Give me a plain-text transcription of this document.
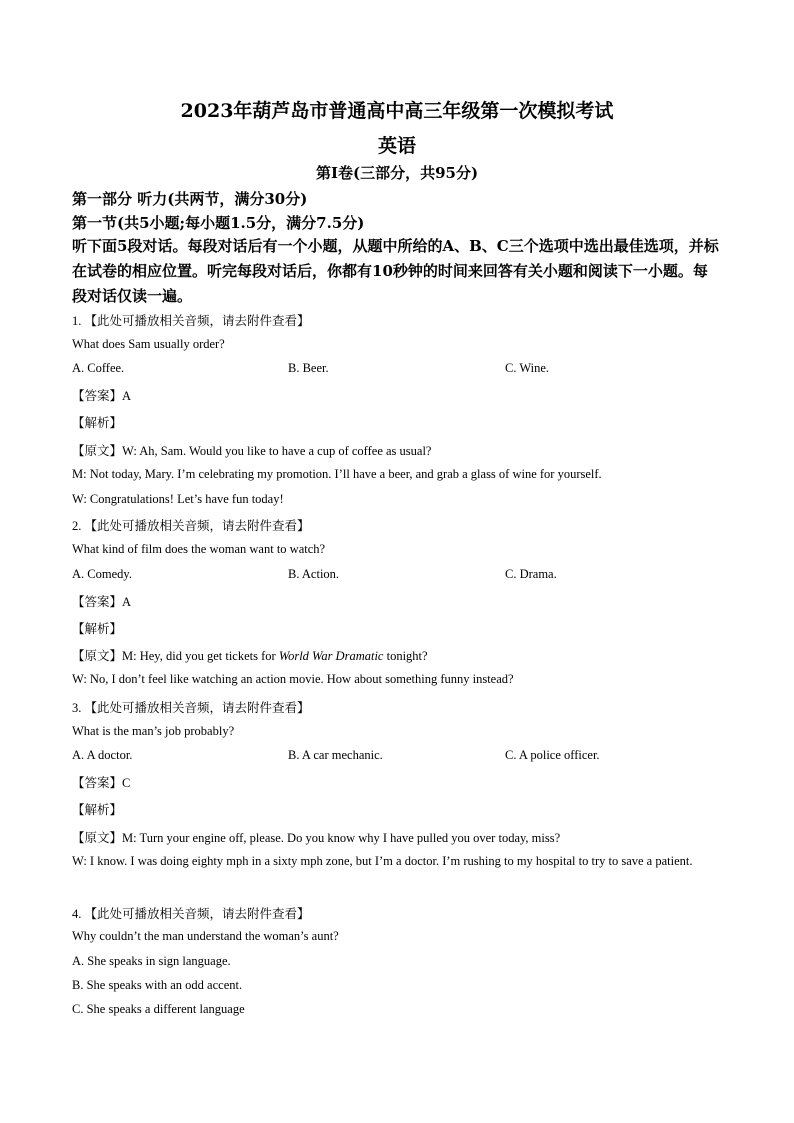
2023年葫芦岛市普通高中高三年级第一次模拟考试
英语
第Ⅰ卷(三部分，共95分)
第一部分 听力(共两节，满分30分)
第一节(共5小题;每小题1.5分，满分7.5分)
听下面5段对话。每段对话后有一个小题，从题中所给的A、B、C三个选项中选出最佳选项，并标在试卷的相应位置。听完每段对话后，你都有10秒钟的时间来回答有关小题和阅读下一小题。每段对话仅读一遍。
1. 【此处可播放相关音频，请去附件查看】
What does Sam usually order?
A. Coffee.	B. Beer.	C. Wine.
【答案】A
【解析】
【原文】W: Ah, Sam. Would you like to have a cup of coffee as usual?
M: Not today, Mary. I’m celebrating my promotion. I’ll have a beer, and grab a glass of wine for yourself.
W: Congratulations! Let’s have fun today!
2. 【此处可播放相关音频，请去附件查看】
What kind of film does the woman want to watch?
A. Comedy.	B. Action.	C. Drama.
【答案】A
【解析】
【原文】M: Hey, did you get tickets for World War Dramatic tonight?
W: No, I don’t feel like watching an action movie. How about something funny instead?
3. 【此处可播放相关音频，请去附件查看】
What is the man’s job probably?
A. A doctor.	B. A car mechanic.	C. A police officer.
【答案】C
【解析】
【原文】M: Turn your engine off, please. Do you know why I have pulled you over today, miss?
W: I know. I was doing eighty mph in a sixty mph zone, but I’m a doctor. I’m rushing to my hospital to try to save a patient.
4. 【此处可播放相关音频，请去附件查看】
Why couldn’t the man understand the woman’s aunt?
A. She speaks in sign language.
B. She speaks with an odd accent.
C. She speaks a different language
